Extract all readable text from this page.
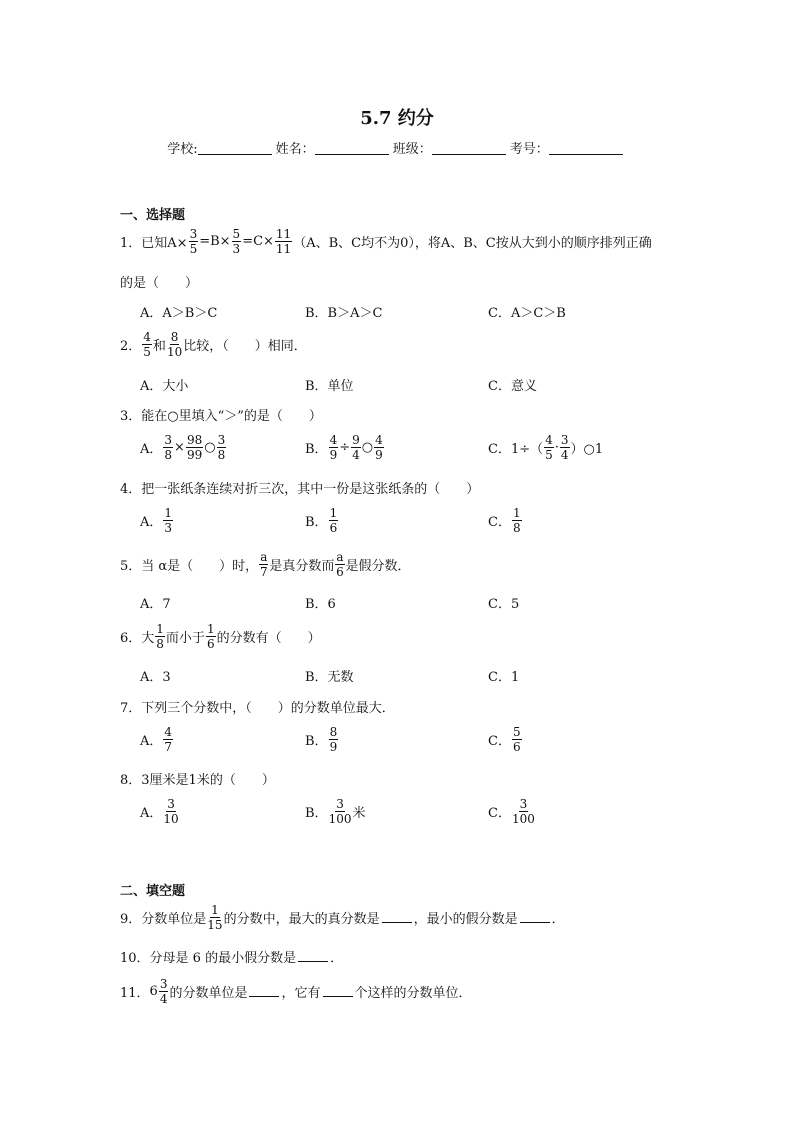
5.7 约分
学校:	姓名：	班级：	考号：
一、选择题
1．已知$A\times \frac{3}{5} =B\times \frac{5}{3} =C\times \frac{11}{11} (A$、B、C均不为0），将A、B、C按从大到小的顺序排列正确
的是（　　）
A．A＞B＞C	B．B＞A＞C	C．A＞C＞B
2． $\frac{4}{5}$ 和 $\frac{8}{10}$ 比较，（　　）相同．
A．大小	B．单位	C．意义
3．能在○里填入“＞”的是（　　）
A． $\frac{3}{8} \times \frac{98}{99}$ ○ $\frac{3}{8}$	B． $\frac{4}{9} \div \frac{9}{4}$ ○ $\frac{4}{9}$	C．$1\div( \frac{4}{5} \cdot \frac{3}{4}$ ）○1
4．把一张纸条连续对折三次，其中一份是这张纸条的（　　）
A． $\frac{1}{3}$	B． $\frac{1}{6}$	C． $\frac{1}{8}$
5．当 α是（　　）时， $\frac{a}{7}$ 是真分数而 $\frac{a}{6}$ 是假分数．
A．7	B．6	C．5
6．大 $\frac{1}{8}$ 而小于 $\frac{1}{6}$ 的分数有（　　）
A．3	B．无数	C．1
7．下列三个分数中，（　　）的分数单位最大．
A． $\frac{4}{7}$	B． $\frac{8}{9}$	C． $\frac{5}{6}$
8．3厘米是1米的（　　）
A． $\frac{3}{10}$	B． $\frac{3}{100}$ 米	C． $\frac{3}{100}$
二、填空题
9．分数单位是 $\frac{1}{15}$ 的分数中，最大的真分数是	，最小的假分数是	．
10．分母是 6 的最小假分数是	．
11． $6 \frac{3}{4}$ 的分数单位是	，它有	个这样的分数单位．
